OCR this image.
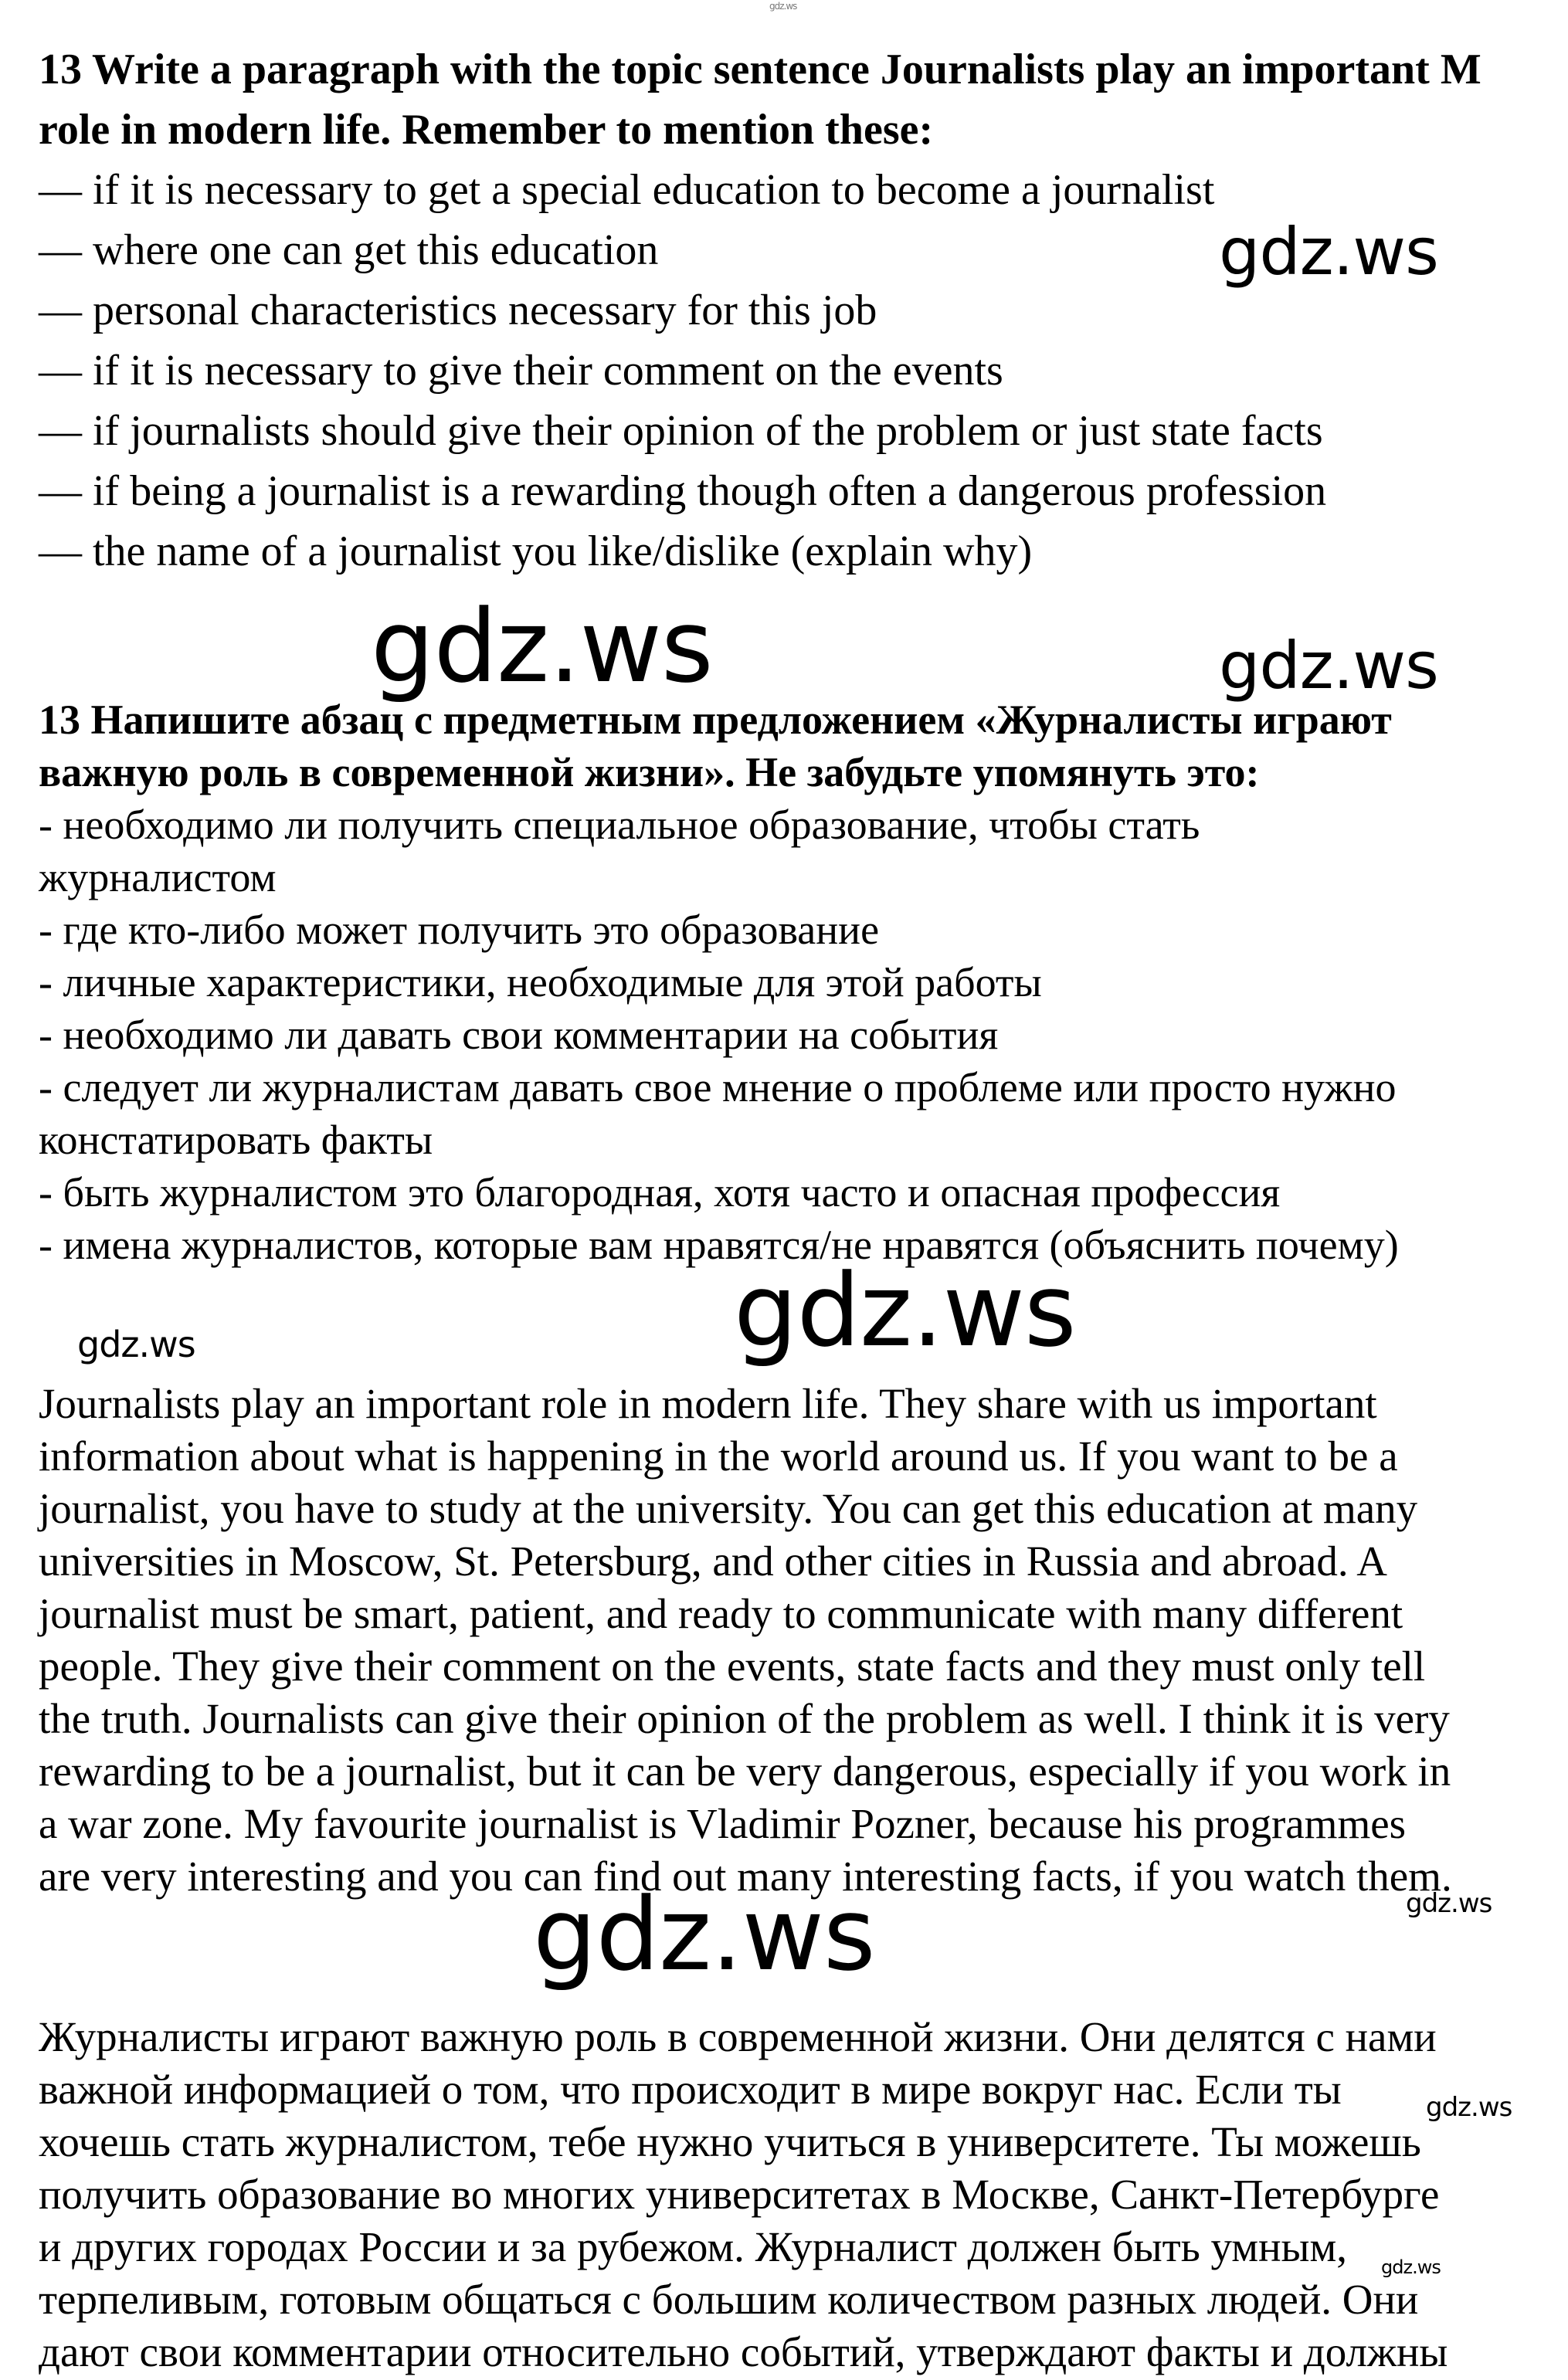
gdz.ws
13 Write a paragraph with the topic sentence Journalists play an important M
role in modern life. Remember to mention these:
— if it is necessary to get a special education to become a journalist
— where one can get this education
— personal characteristics necessary for this job
— if it is necessary to give their comment on the events
— if journalists should give their opinion of the problem or just state facts
— if being a journalist is a rewarding though often a dangerous profession
— the name of a journalist you like/dislike (explain why)
13 Напишите абзац с предметным предложением «Журналисты играют
важную роль в современной жизни». Не забудьте упомянуть это:
- необходимо ли получить специальное образование, чтобы стать
журналистом
- где кто-либо может получить это образование
- личные характеристики, необходимые для этой работы
- необходимо ли давать свои комментарии на события
- следует ли журналистам давать свое мнение о проблеме или просто нужно
констатировать факты
- быть журналистом это благородная, хотя часто и опасная профессия
- имена журналистов, которые вам нравятся/не нравятся (объяснить почему)
Journalists play an important role in modern life. They share with us important
information about what is happening in the world around us. If you want to be a
journalist, you have to study at the university. You can get this education at many
universities in Moscow, St. Petersburg, and other cities in Russia and abroad. A
journalist must be smart, patient, and ready to communicate with many different
people. They give their comment on the events, state facts and they must only tell
the truth. Journalists can give their opinion of the problem as well. I think it is very
rewarding to be a journalist, but it can be very dangerous, especially if you work in
a war zone. My favourite journalist is Vladimir Pozner, because his programmes
are very interesting and you can find out many interesting facts, if you watch them.
Журналисты играют важную роль в современной жизни. Они делятся с нами
важной информацией о том, что происходит в мире вокруг нас. Если ты
хочешь стать журналистом, тебе нужно учиться в университете. Ты можешь
получить образование во многих университетах в Москве, Санкт-Петербурге
и других городах России и за рубежом. Журналист должен быть умным,
терпеливым, готовым общаться с большим количеством разных людей. Они
дают свои комментарии относительно событий, утверждают факты и должны
gdz.ws
gdz.ws	gdz.ws
gdz.ws	gdz.ws
gdz.ws
gdz.ws
gdz.ws
gdz.ws
